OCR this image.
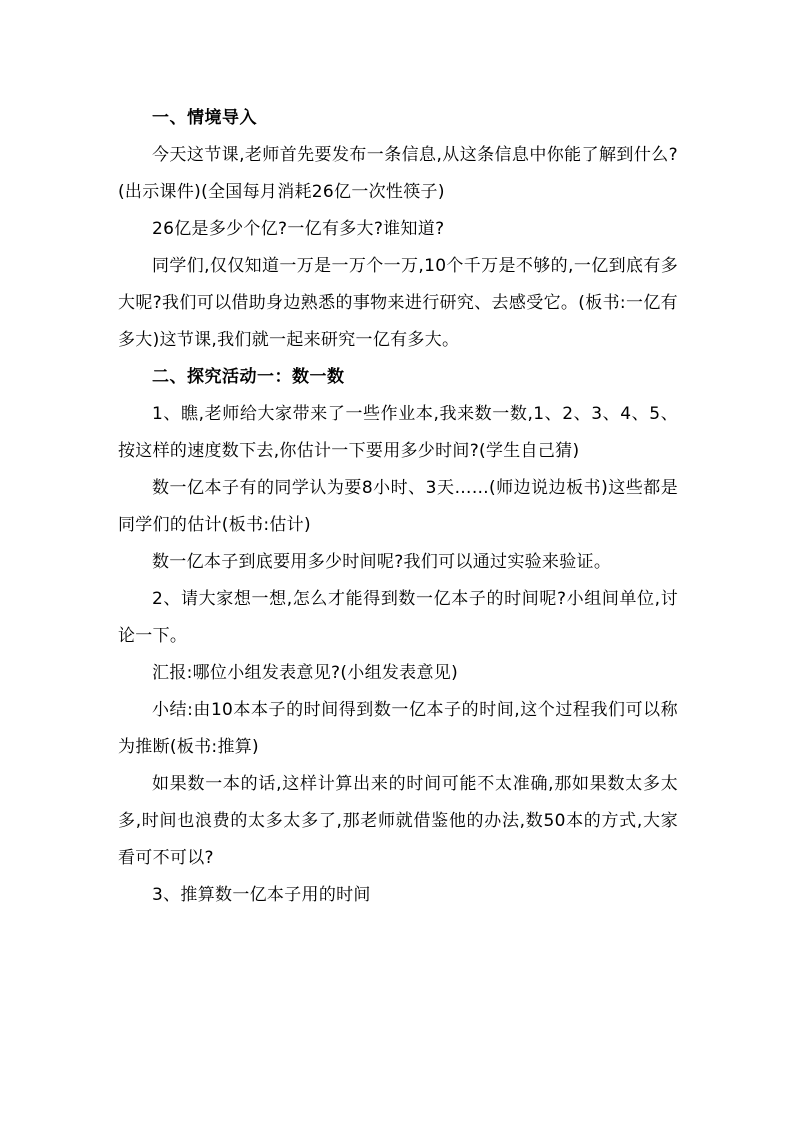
一、情境导入

今天这节课,老师首先要发布一条信息,从这条信息中你能了解到什么?(出示课件)(全国每月消耗26亿一次性筷子)

26亿是多少个亿?一亿有多大?谁知道?

同学们,仅仅知道一万是一万个一万,10个千万是不够的,一亿到底有多大呢?我们可以借助身边熟悉的事物来进行研究、去感受它。(板书:一亿有多大)这节课,我们就一起来研究一亿有多大。

二、探究活动一：数一数

1、瞧,老师给大家带来了一些作业本,我来数一数,1、2、3、4、5、按这样的速度数下去,你估计一下要用多少时间?(学生自己猜)

数一亿本子有的同学认为要8小时、3天……(师边说边板书)这些都是同学们的估计(板书:估计)

数一亿本子到底要用多少时间呢?我们可以通过实验来验证。

2、请大家想一想,怎么才能得到数一亿本子的时间呢?小组间单位,讨论一下。

汇报:哪位小组发表意见?(小组发表意见)

小结:由10本本子的时间得到数一亿本子的时间,这个过程我们可以称为推断(板书:推算)

如果数一本的话,这样计算出来的时间可能不太准确,那如果数太多太多,时间也浪费的太多太多了,那老师就借鉴他的办法,数50本的方式,大家看可不可以?

3、推算数一亿本子用的时间
